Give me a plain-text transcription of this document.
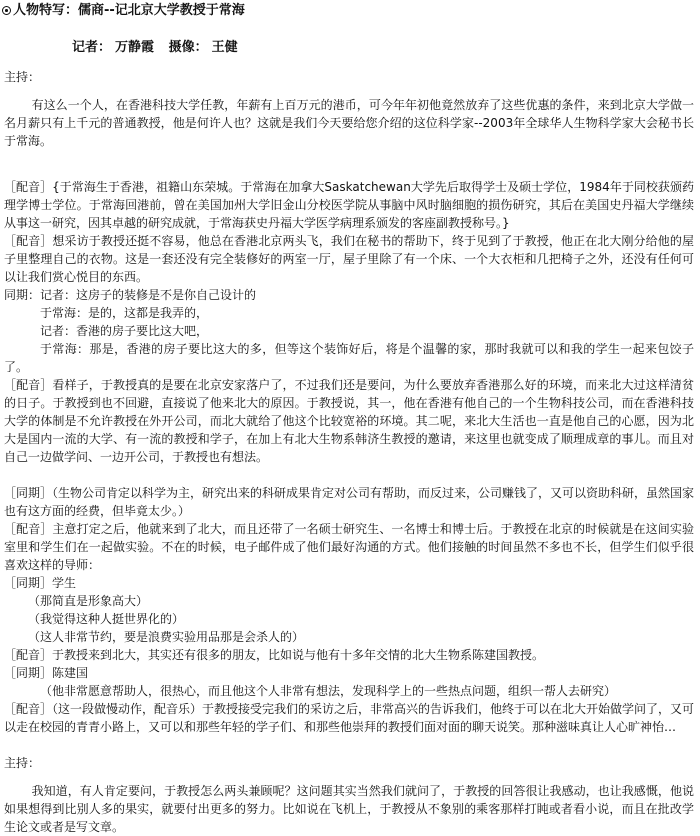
人物特写：儒商--记北京大学教授于常海
记者： 万静霞 摄像： 王健
主持：
有这么一个人，在香港科技大学任教，年薪有上百万元的港币，可今年年初他竟然放弃了这些优惠的条件，来到北京大学做一名月薪只有上千元的普通教授，他是何许人也？这就是我们今天要给您介绍的这位科学家--2003年全球华人生物科学家大会秘书长于常海。
［配音］{于常海生于香港，祖籍山东荣城。于常海在加拿大Saskatchewan大学先后取得学士及硕士学位，1984年于同校获颁药理学博士学位。于常海回港前，曾在美国加州大学旧金山分校医学院从事脑中风时脑细胞的损伤研究，其后在美国史丹福大学继续从事这一研究，因其卓越的研究成就，于常海获史丹福大学医学病理系颁发的客座副教授称号。}
［配音］想采访于教授还挺不容易，他总在香港北京两头飞，我们在秘书的帮助下，终于见到了于教授，他正在北大刚分给他的屋子里整理自己的衣物。这是一套还没有完全装修好的两室一厅，屋子里除了有一个床、一个大衣柜和几把椅子之外，还没有任何可以让我们赏心悦目的东西。
同期：记者：这房子的装修是不是你自己设计的
于常海：是的，这都是我弄的，
记者：香港的房子要比这大吧，
于常海：那是，香港的房子要比这大的多，但等这个装饰好后，将是个温馨的家，那时我就可以和我的学生一起来包饺子了。
［配音］看样子，于教授真的是要在北京安家落户了，不过我们还是要问，为什么要放弃香港那么好的环境，而来北大过这样清贫的日子。于教授到也不回避，直接说了他来北大的原因。于教授说，其一，他在香港有他自己的一个生物科技公司，而在香港科技大学的体制是不允许教授在外开公司，而北大就给了他这个比较宽裕的环境。其二呢，来北大生活也一直是他自己的心愿，因为北大是国内一流的大学、有一流的教授和学子，在加上有北大生物系韩济生教授的邀请，来这里也就变成了顺理成章的事儿。而且对自己一边做学问、一边开公司，于教授也有想法。
［同期］（生物公司肯定以科学为主，研究出来的科研成果肯定对公司有帮助，而反过来，公司赚钱了，又可以资助科研，虽然国家也有这方面的经费，但毕竟太少。）
［配音］主意打定之后，他就来到了北大，而且还带了一名硕士研究生、一名博士和博士后。于教授在北京的时候就是在这间实验室里和学生们在一起做实验。不在的时候，电子邮件成了他们最好沟通的方式。他们接触的时间虽然不多也不长，但学生们似乎很喜欢这样的导师：
［同期］学生
（那简直是形象高大）
（我觉得这种人挺世界化的）
（这人非常节约，要是浪费实验用品那是会杀人的）
［配音］于教授来到北大，其实还有很多的朋友，比如说与他有十多年交情的北大生物系陈建国教授。
［同期］陈建国
（他非常愿意帮助人，很热心，而且他这个人非常有想法，发现科学上的一些热点问题，组织一帮人去研究）
［配音］（这一段做慢动作，配音乐）于教授接受完我们的采访之后，非常高兴的告诉我们，他终于可以在北大开始做学问了，又可以走在校园的青青小路上，又可以和那些年轻的学子们、和那些他崇拜的教授们面对面的聊天说笑。那种滋味真让人心旷神怡…
主持：
我知道，有人肯定要问，于教授怎么两头兼顾呢？这问题其实当然我们就问了，于教授的回答很让我感动，也让我感慨，他说如果想得到比别人多的果实，就要付出更多的努力。比如说在飞机上，于教授从不象别的乘客那样打盹或者看小说，而且在批改学生论文或者是写文章。
